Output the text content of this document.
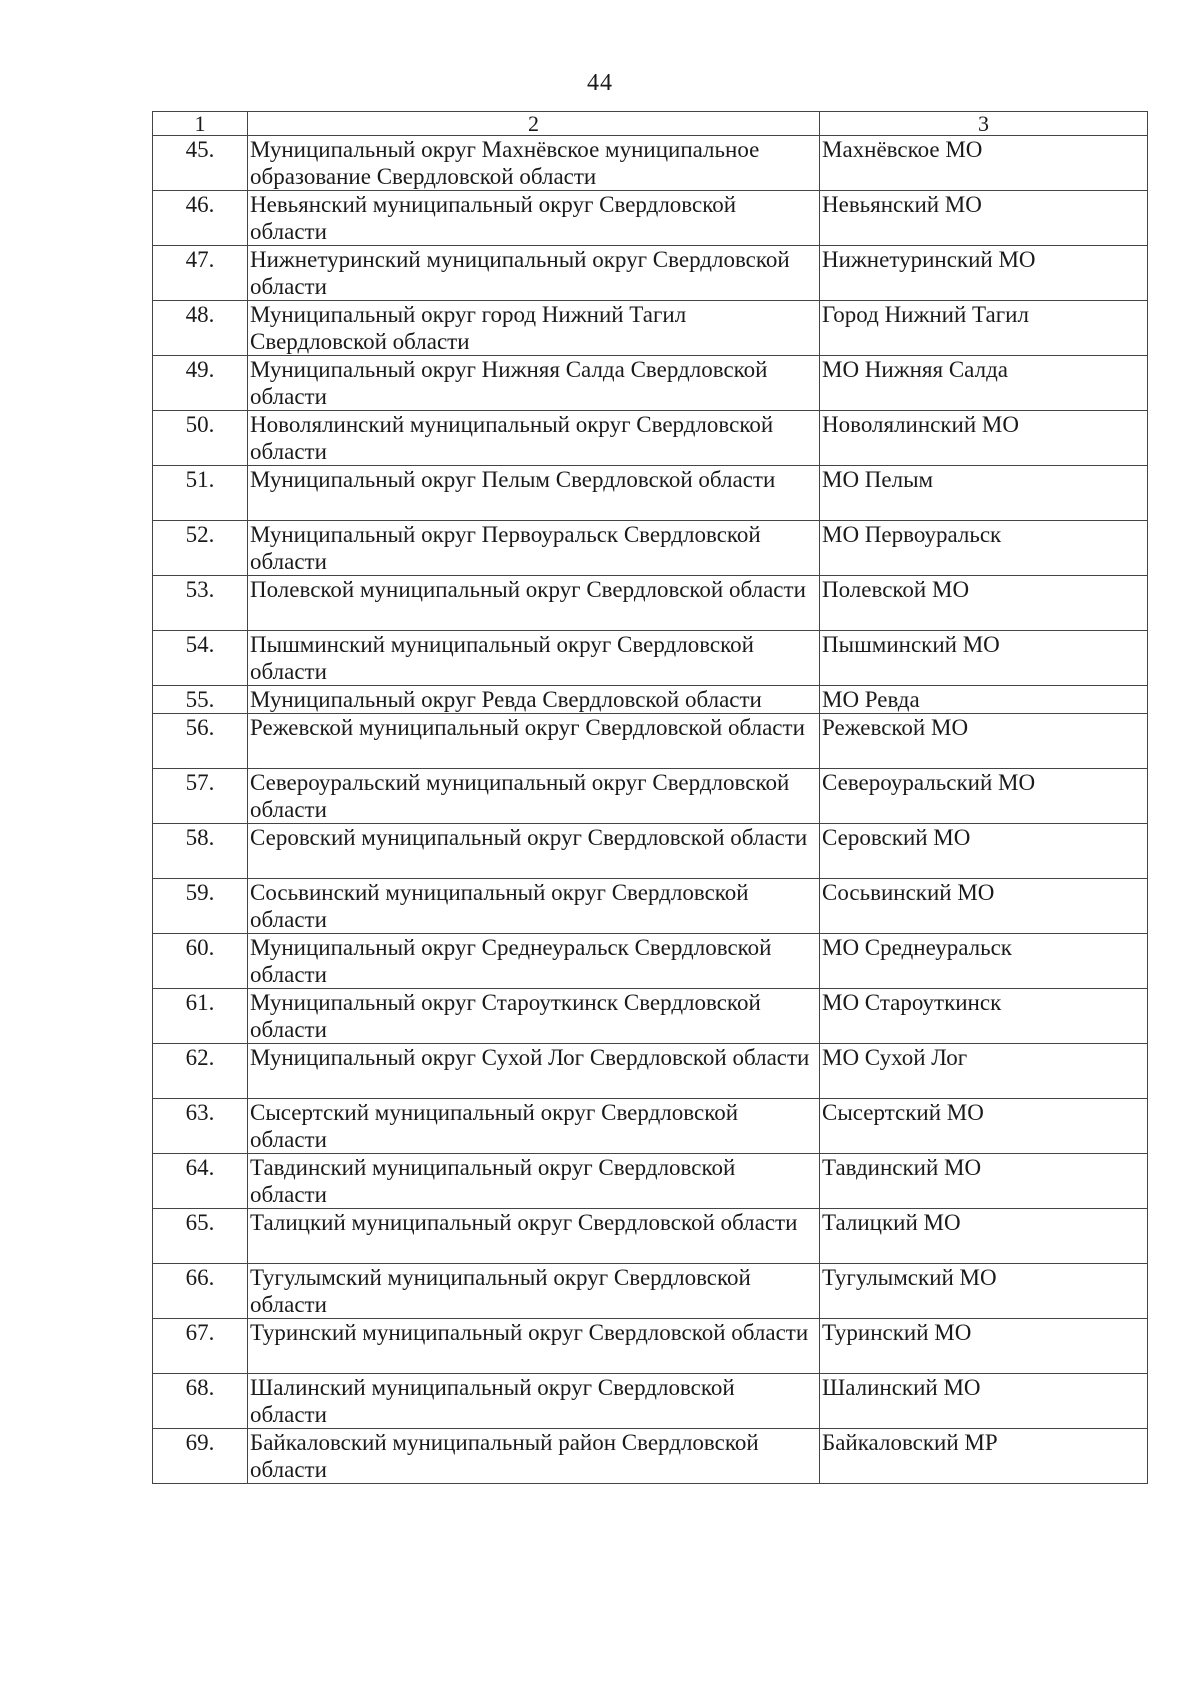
44
1	2	3
45.	Муниципальный округ Махнёвское муниципальное образование Свердловской области	Махнёвское МО
46.	Невьянский муниципальный округ Свердловской области	Невьянский МО
47.	Нижнетуринский муниципальный округ Свердловской области	Нижнетуринский МО
48.	Муниципальный округ город Нижний Тагил Свердловской области	Город Нижний Тагил
49.	Муниципальный округ Нижняя Салда Свердловской области	МО Нижняя Салда
50.	Новолялинский муниципальный округ Свердловской области	Новолялинский МО
51.	Муниципальный округ Пелым Свердловской области	МО Пелым
52.	Муниципальный округ Первоуральск Свердловской области	МО Первоуральск
53.	Полевской муниципальный округ Свердловской области	Полевской МО
54.	Пышминский муниципальный округ Свердловской области	Пышминский МО
55.	Муниципальный округ Ревда Свердловской области	МО Ревда
56.	Режевской муниципальный округ Свердловской области	Режевской МО
57.	Североуральский муниципальный округ Свердловской области	Североуральский МО
58.	Серовский муниципальный округ Свердловской области	Серовский МО
59.	Сосьвинский муниципальный округ Свердловской области	Сосьвинский МО
60.	Муниципальный округ Среднеуральск Свердловской области	МО Среднеуральск
61.	Муниципальный округ Староуткинск Свердловской области	МО Староуткинск
62.	Муниципальный округ Сухой Лог Свердловской области	МО Сухой Лог
63.	Сысертский муниципальный округ Свердловской области	Сысертский МО
64.	Тавдинский муниципальный округ Свердловской области	Тавдинский МО
65.	Талицкий муниципальный округ Свердловской области	Талицкий МО
66.	Тугулымский муниципальный округ Свердловской области	Тугулымский МО
67.	Туринский муниципальный округ Свердловской области	Туринский МО
68.	Шалинский муниципальный округ Свердловской области	Шалинский МО
69.	Байкаловский муниципальный район Свердловской области	Байкаловский МР
